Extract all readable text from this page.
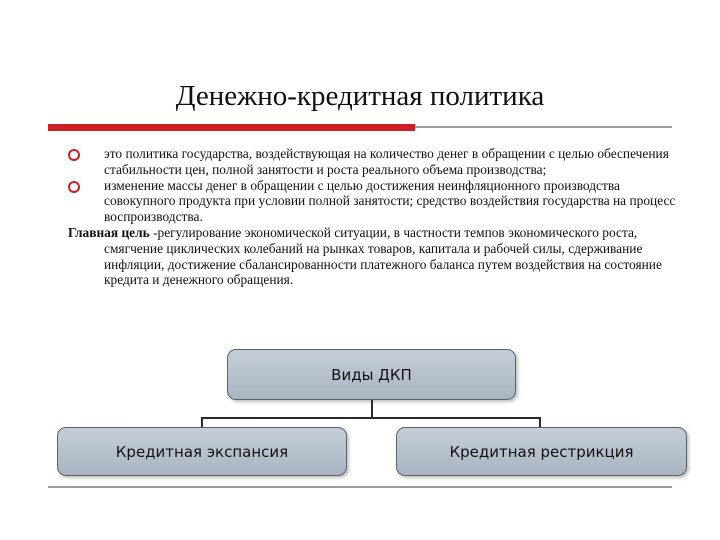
Денежно-кредитная политика
это политика государства, воздействующая на количество денег в обращении с целью обеспечения стабильности цен, полной занятости и роста реального объема производства;
изменение массы денег в обращении с целью достижения неинфляционного производства совокупного продукта при условии полной занятости; средство воздействия государства на процесс воспроизводства.
Главная цель -регулирование экономической ситуации, в частности темпов экономического роста, смягчение циклических колебаний на рынках товаров, капитала и рабочей силы, сдерживание инфляции, достижение сбалансированности платежного баланса путем воздействия на состояние кредита и денежного обращения.
Виды ДКП
Кредитная экспансия	Кредитная рестрикция
